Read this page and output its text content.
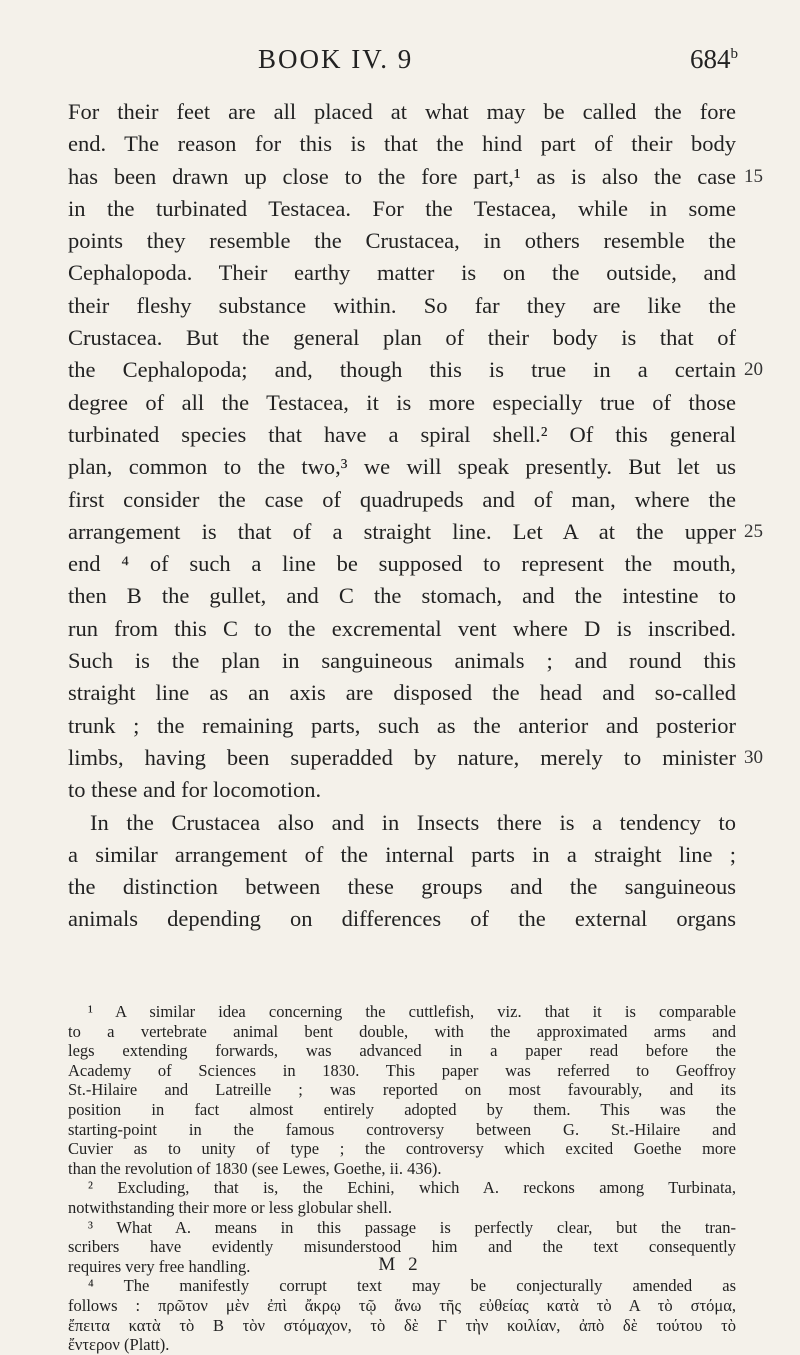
BOOK IV. 9	684$^b$
For their feet are all placed at what may be called the fore
end. The reason for this is that the hind part of their body
has been drawn up close to the fore part,¹ as is also the case 15
in the turbinated Testacea. For the Testacea, while in some
points they resemble the Crustacea, in others resemble the
Cephalopoda. Their earthy matter is on the outside, and
their fleshy substance within. So far they are like the
Crustacea. But the general plan of their body is that of
the Cephalopoda; and, though this is true in a certain 20
degree of all the Testacea, it is more especially true of those
turbinated species that have a spiral shell.² Of this general
plan, common to the two,³ we will speak presently. But let us
first consider the case of quadrupeds and of man, where the
arrangement is that of a straight line. Let A at the upper 25
end ⁴ of such a line be supposed to represent the mouth,
then B the gullet, and C the stomach, and the intestine to
run from this C to the excremental vent where D is inscribed.
Such is the plan in sanguineous animals ; and round this
straight line as an axis are disposed the head and so-called
trunk ; the remaining parts, such as the anterior and posterior
limbs, having been superadded by nature, merely to minister 30
to these and for locomotion.
In the Crustacea also and in Insects there is a tendency to
a similar arrangement of the internal parts in a straight line ;
the distinction between these groups and the sanguineous
animals depending on differences of the external organs
¹ A similar idea concerning the cuttlefish, viz. that it is comparable
to a vertebrate animal bent double, with the approximated arms and
legs extending forwards, was advanced in a paper read before the
Academy of Sciences in 1830. This paper was referred to Geoffroy
St.-Hilaire and Latreille ; was reported on most favourably, and its
position in fact almost entirely adopted by them. This was the
starting-point in the famous controversy between G. St.-Hilaire and
Cuvier as to unity of type ; the controversy which excited Goethe more
than the revolution of 1830 (see Lewes, Goethe, ii. 436).
² Excluding, that is, the Echini, which A. reckons among Turbinata,
notwithstanding their more or less globular shell.
³ What A. means in this passage is perfectly clear, but the tran-
scribers have evidently misunderstood him and the text consequently
requires very free handling.
⁴ The manifestly corrupt text may be conjecturally amended as
follows : πρῶτον μὲν ἐπὶ ἄκρῳ τῷ ἄνω τῆς εὐθείας κατὰ τὸ Α τὸ στόμα,
ἔπειτα κατὰ τὸ Β τὸν στόμαχον, τὸ δὲ Γ τὴν κοιλίαν, ἀπὸ δὲ τούτου τὸ
ἔντερον (Platt).
M 2
